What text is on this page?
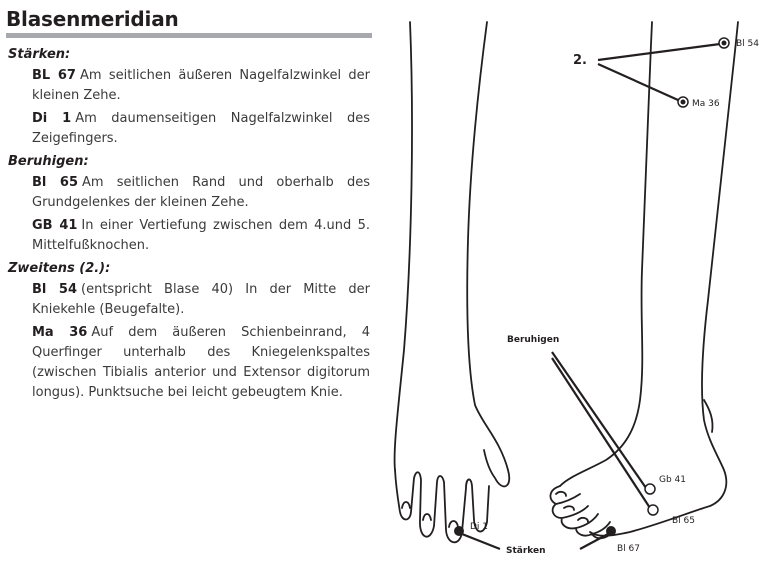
Blasenmeridian
Stärken:

BL 67 Am seitlichen äußeren Nagelfalzwinkel der kleinen Zehe.

Di 1 Am daumenseitigen Nagelfalzwinkel des Zeigefingers.

Beruhigen:

Bl 65 Am seitlichen Rand und oberhalb des Grundgelenkes der kleinen Zehe.

GB 41 In einer Vertiefung zwischen dem 4.und 5. Mittelfußknochen.

Zweitens (2.):

Bl 54 (entspricht Blase 40) In der Mitte der Kniekehle (Beugefalte).

Ma 36 Auf dem äußeren Schienbeinrand, 4 Querfinger unterhalb des Kniegelenkspaltes (zwischen Tibialis anterior und Extensor digitorum longus). Punktsuche bei leicht gebeugtem Knie.

2.
Bl 54
Ma 36
Beruhigen
Gb 41
Bl 65
Bl 67
Di 1
Stärken
